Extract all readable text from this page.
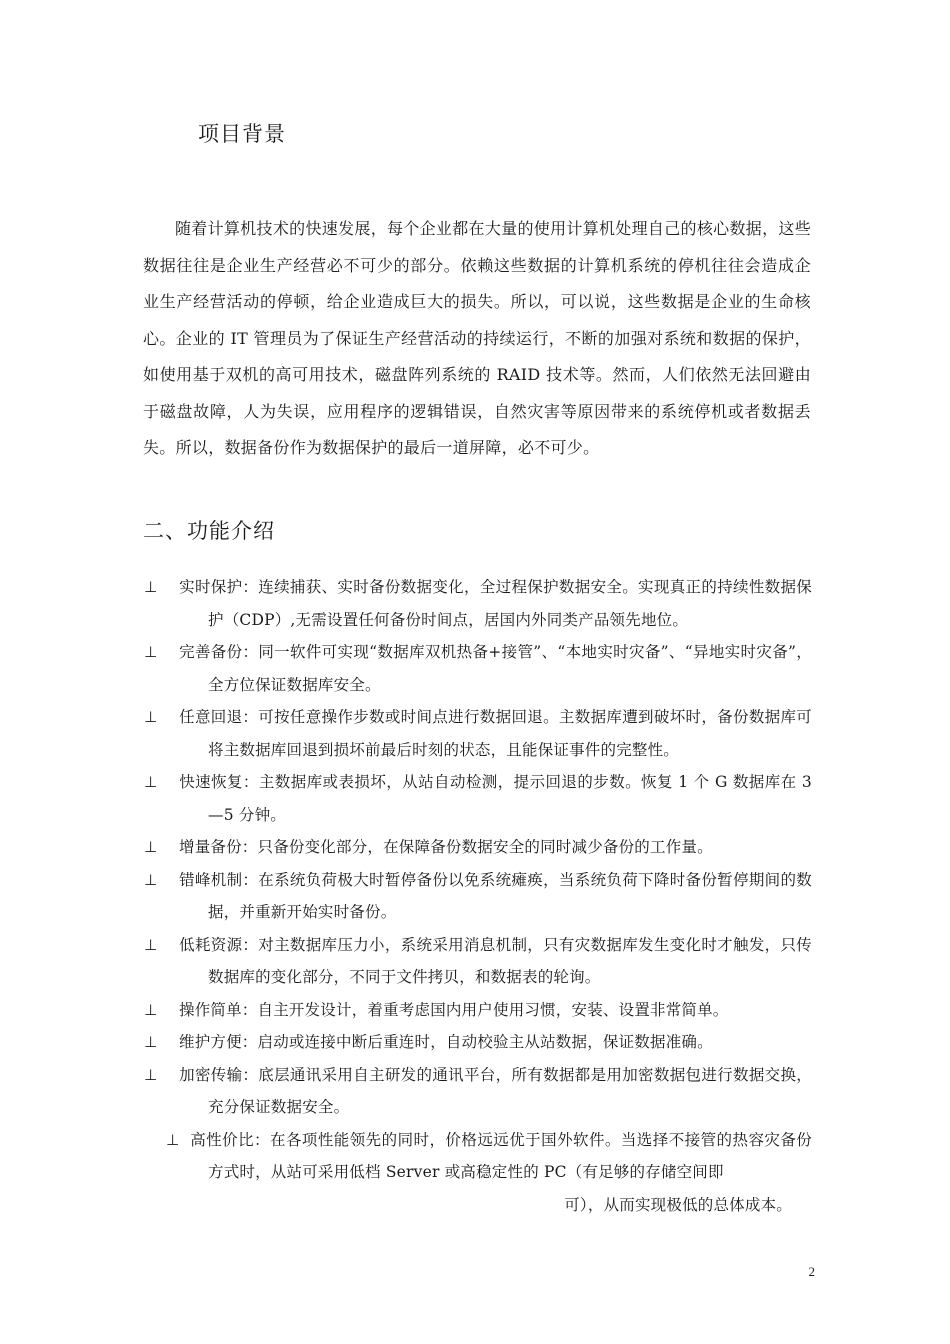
项目背景

随着计算机技术的快速发展，每个企业都在大量的使用计算机处理自己的核心数据，这些数据往往是企业生产经营必不可少的部分。依赖这些数据的计算机系统的停机往往会造成企业生产经营活动的停顿，给企业造成巨大的损失。所以，可以说，这些数据是企业的生命核心。企业的 IT 管理员为了保证生产经营活动的持续运行，不断的加强对系统和数据的保护，如使用基于双机的高可用技术，磁盘阵列系统的 RAID 技术等。然而，人们依然无法回避由于磁盘故障，人为失误，应用程序的逻辑错误，自然灾害等原因带来的系统停机或者数据丢失。所以，数据备份作为数据保护的最后一道屏障，必不可少。

二、功能介绍
⊥ 实时保护：连续捕获、实时备份数据变化，全过程保护数据安全。实现真正的持续性数据保护（CDP）,无需设置任何备份时间点，居国内外同类产品领先地位。
⊥ 完善备份：同一软件可实现“数据库双机热备+接管”、“本地实时灾备”、“异地实时灾备”，全方位保证数据库安全。
⊥ 任意回退：可按任意操作步数或时间点进行数据回退。主数据库遭到破坏时，备份数据库可将主数据库回退到损坏前最后时刻的状态，且能保证事件的完整性。
⊥ 快速恢复：主数据库或表损坏，从站自动检测，提示回退的步数。恢复 1 个 G 数据库在 3—5 分钟。
⊥ 增量备份：只备份变化部分，在保障备份数据安全的同时减少备份的工作量。
⊥ 错峰机制：在系统负荷极大时暂停备份以免系统瘫痪，当系统负荷下降时备份暂停期间的数据，并重新开始实时备份。
⊥ 低耗资源：对主数据库压力小，系统采用消息机制，只有灾数据库发生变化时才触发，只传数据库的变化部分，不同于文件拷贝，和数据表的轮询。
⊥ 操作简单：自主开发设计，着重考虑国内用户使用习惯，安装、设置非常简单。
⊥ 维护方便：启动或连接中断后重连时，自动校验主从站数据，保证数据准确。
⊥ 加密传输：底层通讯采用自主研发的通讯平台，所有数据都是用加密数据包进行数据交换，充分保证数据安全。
⊥ 高性价比：在各项性能领先的同时，价格远远优于国外软件。当选择不接管的热容灾备份方式时，从站可采用低档 Server 或高稳定性的 PC（有足够的存储空间即
可），从而实现极低的总体成本。
2
